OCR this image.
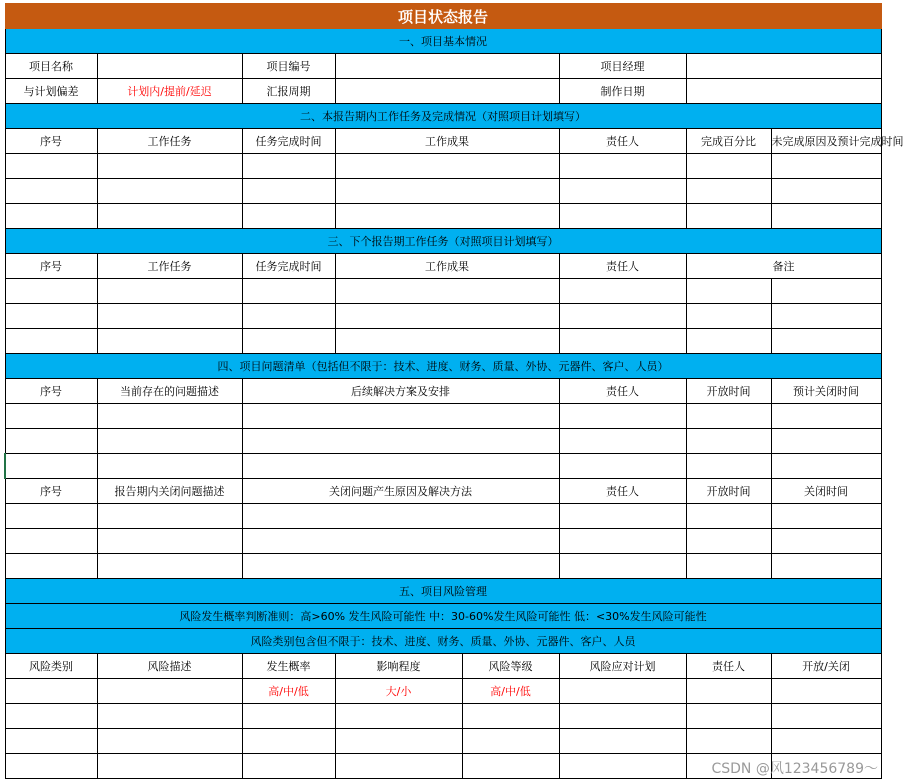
项目状态报告							
一、项目基本情况							
项目名称		项目编号			项目经理		
与计划偏差	计划内/提前/延迟	汇报周期			制作日期		
二、本报告期内工作任务及完成情况（对照项目计划填写）							
序号	工作任务	任务完成时间	工作成果		责任人	完成百分比	未完成原因及预计完成时间

三、下个报告期工作任务（对照项目计划填写）							
序号	工作任务	任务完成时间	工作成果		责任人	备注	

四、项目问题清单（包括但不限于：技术、进度、财务、质量、外协、元器件、客户、人员）							
序号	当前存在的问题描述	后续解决方案及安排			责任人	开放时间	预计关闭时间

序号	报告期内关闭问题描述	关闭问题产生原因及解决方法			责任人	开放时间	关闭时间

五、项目风险管理							
风险发生概率判断准则：高>60% 发生风险可能性 中：30-60%发生风险可能性 低：<30%发生风险可能性							
风险类别包含但不限于：技术、进度、财务、质量、外协、元器件、客户、人员							
风险类别	风险描述	发生概率	影响程度	风险等级	风险应对计划	责任人	开放/关闭
		高/中/低	大/小	高/中/低			

CSDN @风123456789～
